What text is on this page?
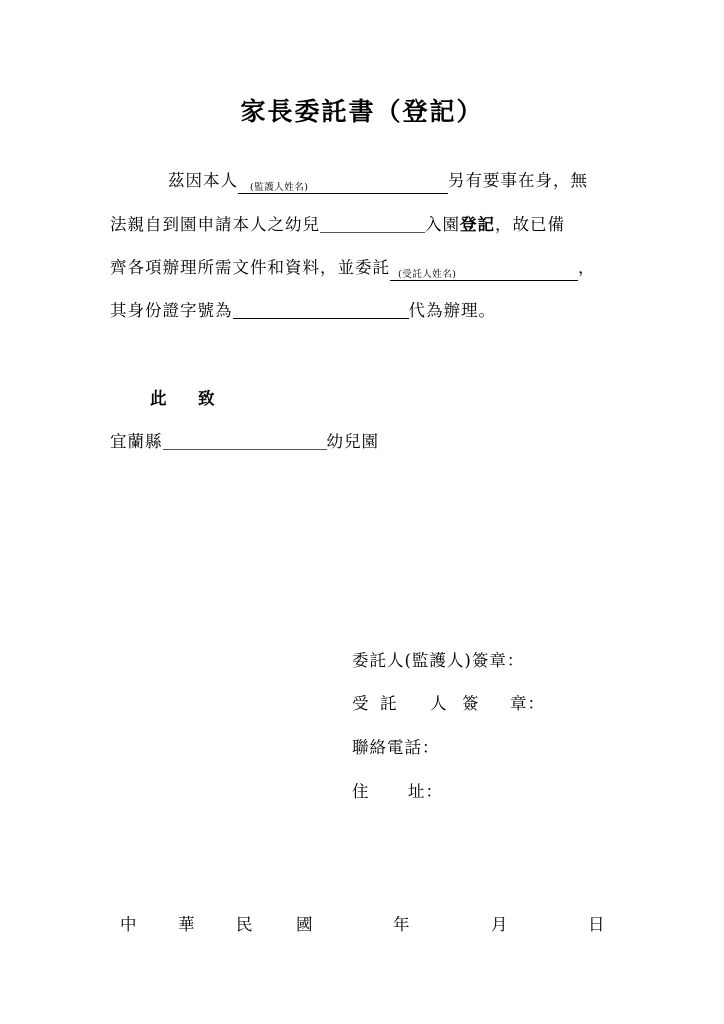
家長委託書（登記）
茲因本人 (監護人姓名)	另有要事在身，無
法親自到園申請本人之幼兒	入園登記，故已備
齊各項辦理所需文件和資料，並委託 (受託人姓名)	，
其身份證字號為	代為辦理。
此 致
宜蘭縣	幼兒園
委託人(監護人)簽章：
受 託 人 簽 章：
聯絡電話：
住 址：
中	華	民	國	年	月	日
